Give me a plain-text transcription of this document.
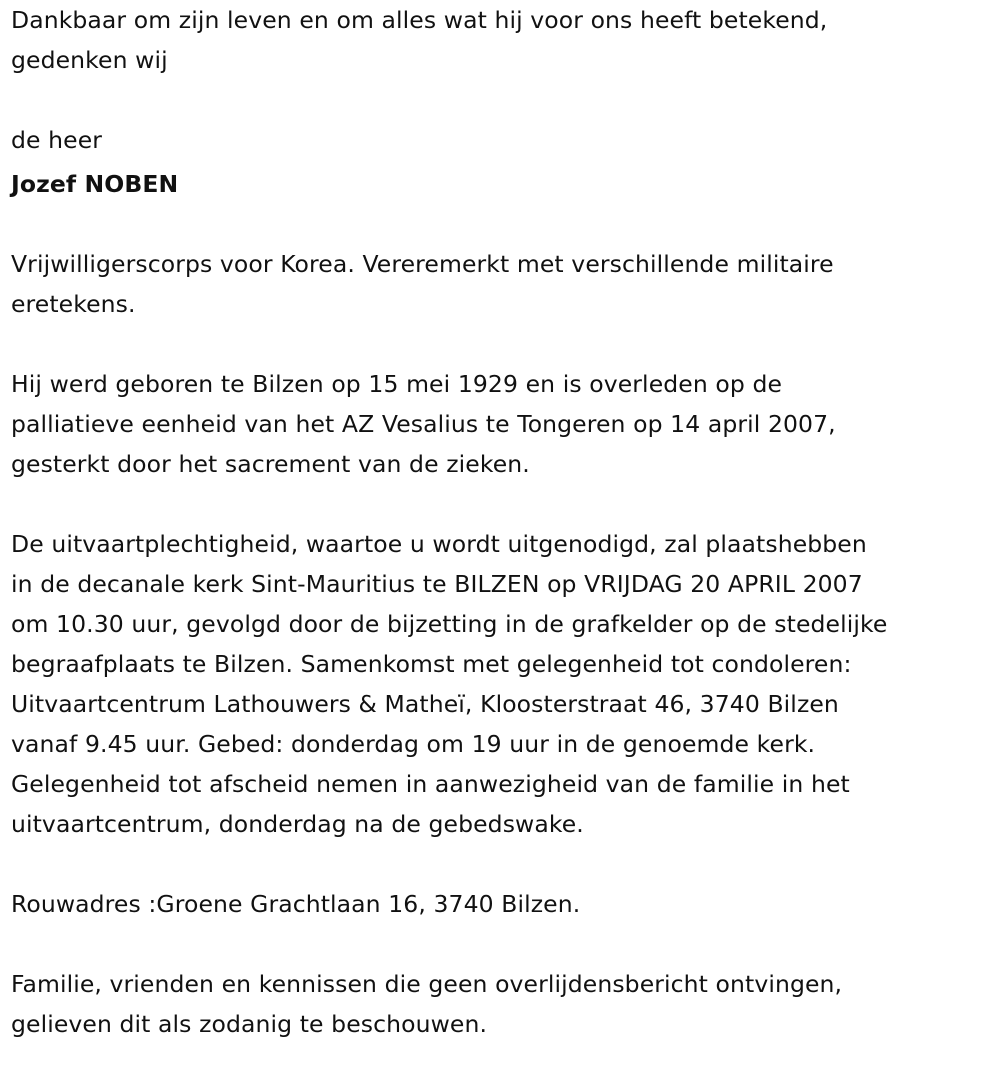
Dankbaar om zijn leven en om alles wat hij voor ons heeft betekend,
gedenken wij
de heer
Jozef NOBEN
Vrijwilligerscorps voor Korea. Vereremerkt met verschillende militaire
eretekens.
Hij werd geboren te Bilzen op 15 mei 1929 en is overleden op de
palliatieve eenheid van het AZ Vesalius te Tongeren op 14 april 2007,
gesterkt door het sacrement van de zieken.
De uitvaartplechtigheid, waartoe u wordt uitgenodigd, zal plaatshebben
in de decanale kerk Sint-Mauritius te BILZEN op VRIJDAG 20 APRIL 2007
om 10.30 uur, gevolgd door de bijzetting in de grafkelder op de stedelijke
begraafplaats te Bilzen. Samenkomst met gelegenheid tot condoleren:
Uitvaartcentrum Lathouwers & Matheï, Kloosterstraat 46, 3740 Bilzen
vanaf 9.45 uur. Gebed: donderdag om 19 uur in de genoemde kerk.
Gelegenheid tot afscheid nemen in aanwezigheid van de familie in het
uitvaartcentrum, donderdag na de gebedswake.
Rouwadres :Groene Grachtlaan 16, 3740 Bilzen.
Familie, vrienden en kennissen die geen overlijdensbericht ontvingen,
gelieven dit als zodanig te beschouwen.
